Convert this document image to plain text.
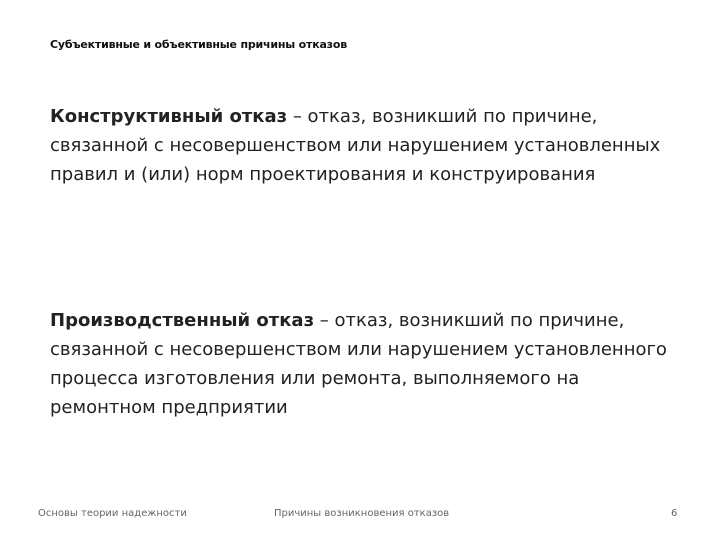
Субъективные и объективные причины отказов

Конструктивный отказ – отказ, возникший по причине, связанной с несовершенством или нарушением установленных правил и (или) норм проектирования и конструирования

Производственный отказ – отказ, возникший по причине, связанной с несовершенством или нарушением установленного процесса изготовления или ремонта, выполняемого на ремонтном предприятии

Основы теории надежности	Причины возникновения отказов	6
